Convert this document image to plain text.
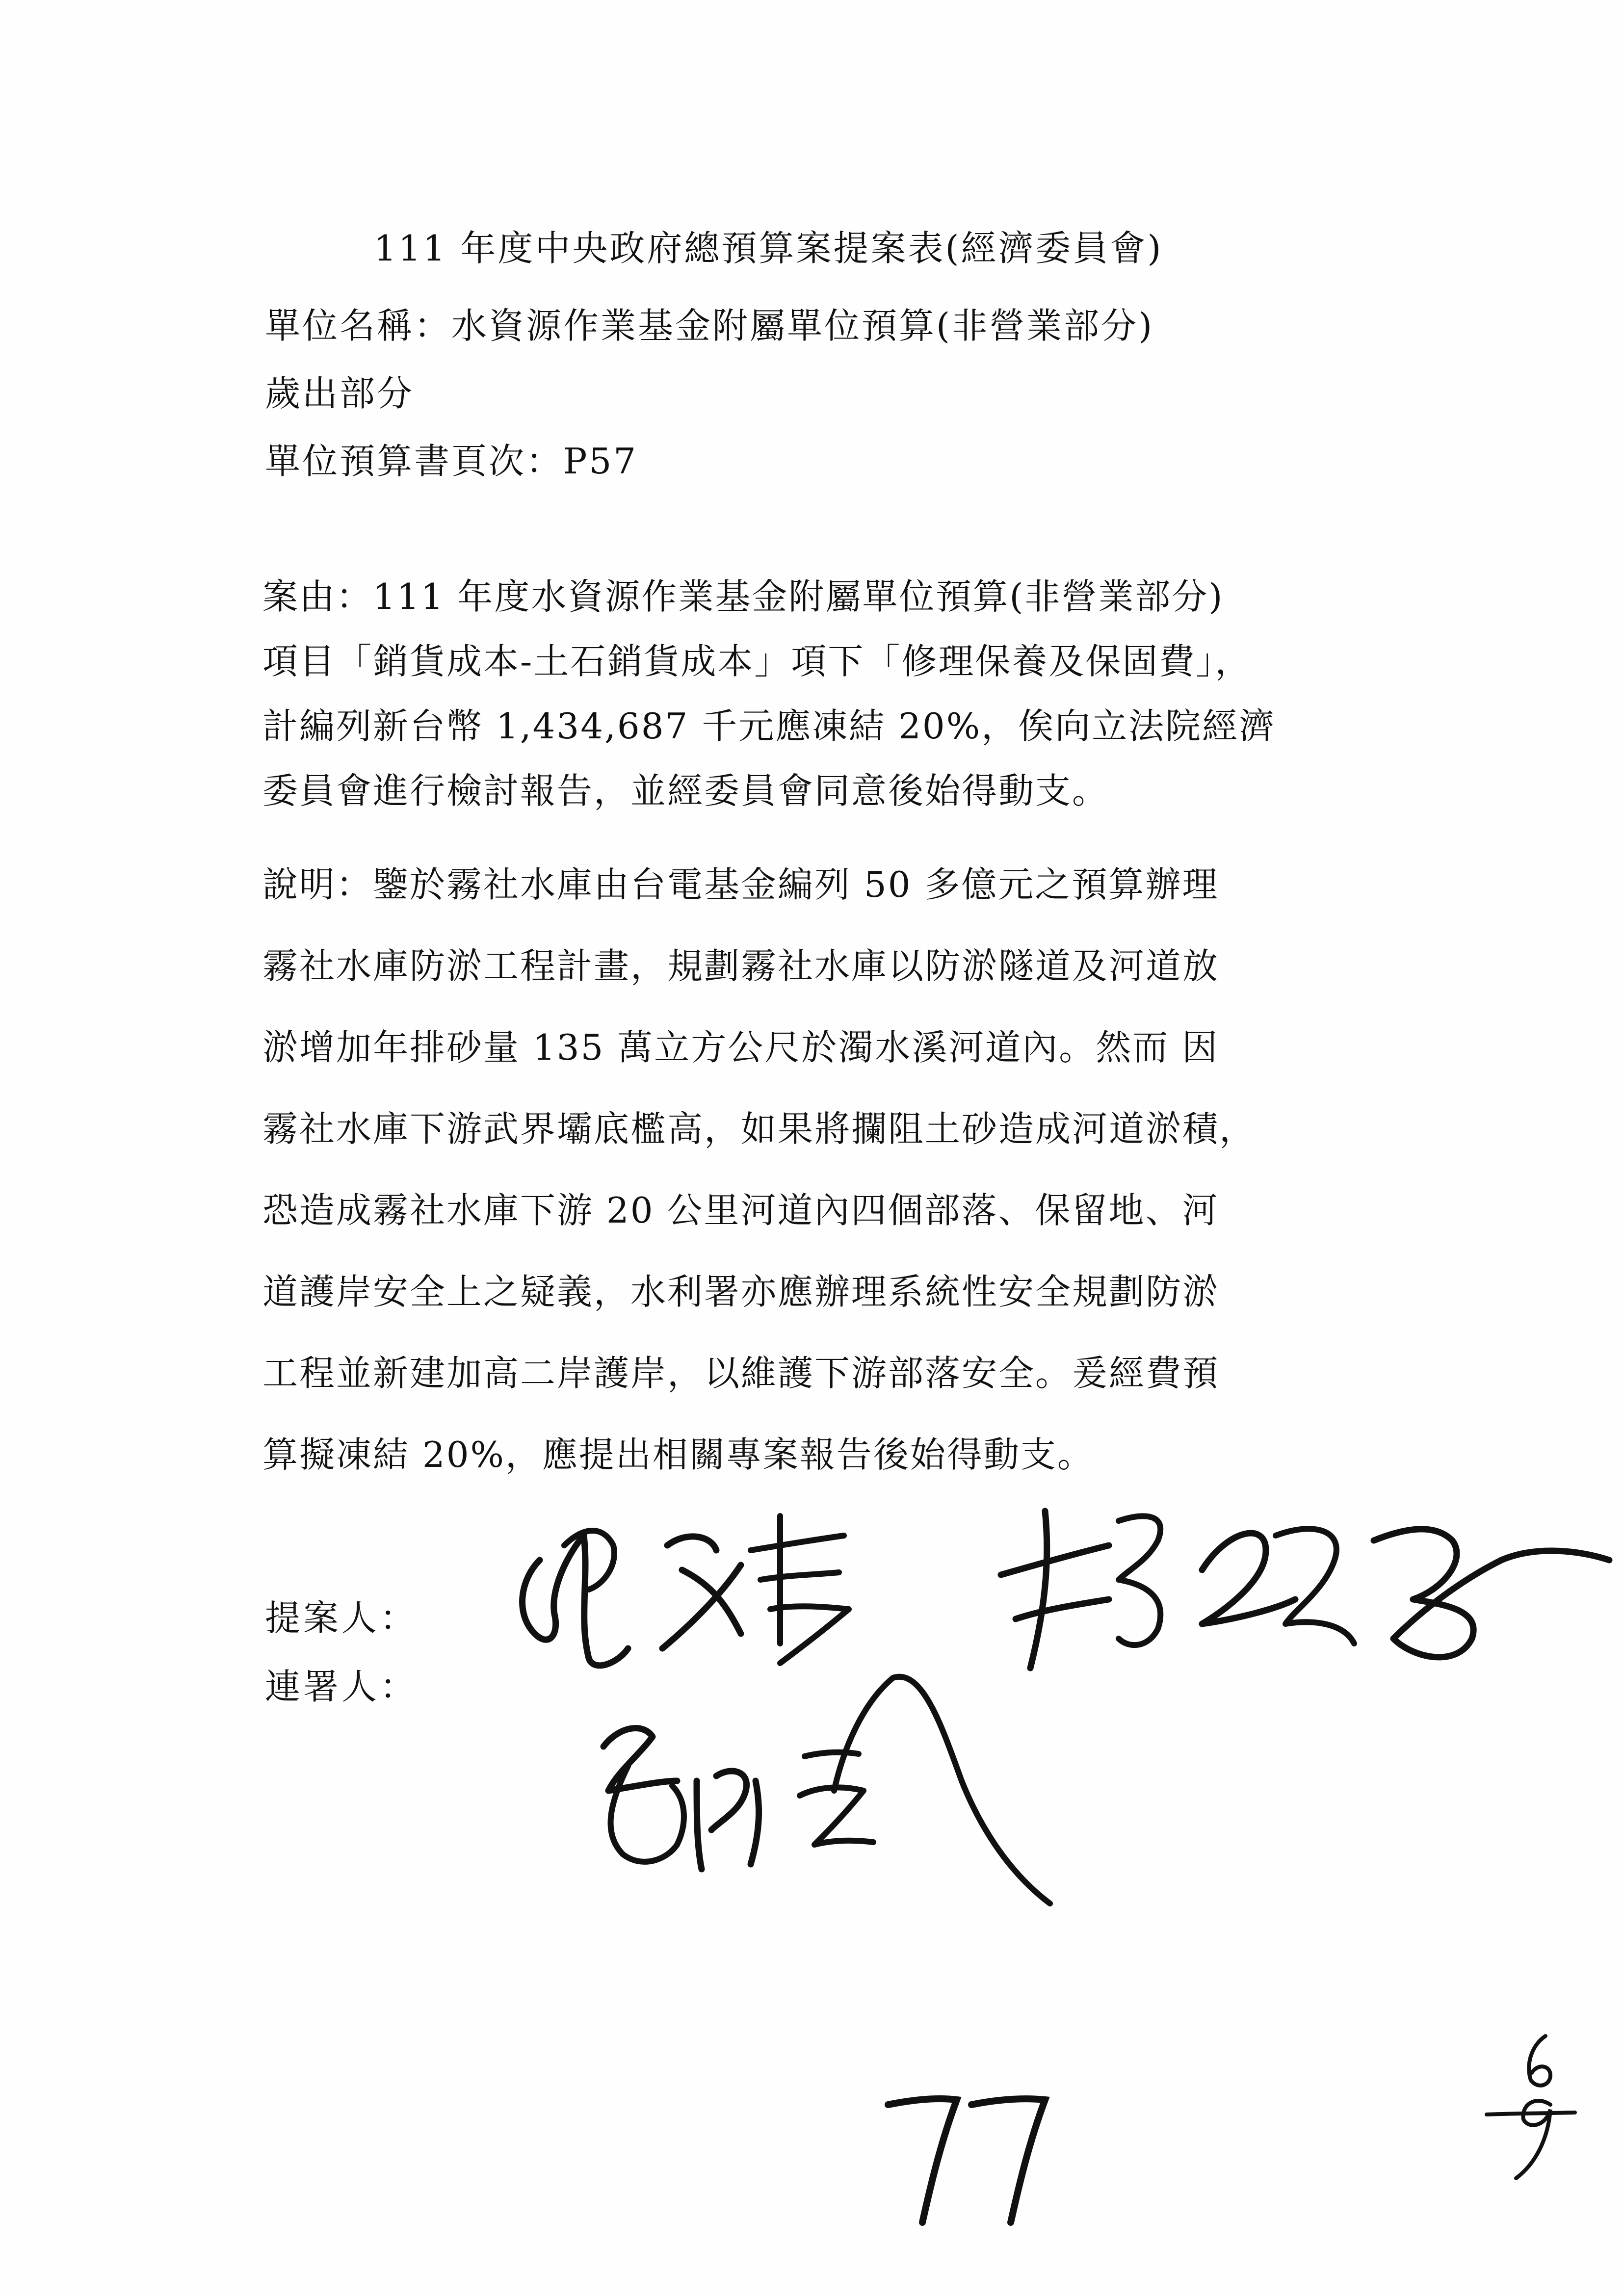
111 年度中央政府總預算案提案表(經濟委員會)
單位名稱：水資源作業基金附屬單位預算(非營業部分)
歲出部分
單位預算書頁次：P57
案由：111 年度水資源作業基金附屬單位預算(非營業部分)
項目「銷貨成本-土石銷貨成本」項下「修理保養及保固費」，
計編列新台幣 1,434,687 千元應凍結 20%，俟向立法院經濟
委員會進行檢討報告，並經委員會同意後始得動支。
說明：鑒於霧社水庫由台電基金編列 50 多億元之預算辦理
霧社水庫防淤工程計畫，規劃霧社水庫以防淤隧道及河道放
淤增加年排砂量 135 萬立方公尺於濁水溪河道內。然而 因
霧社水庫下游武界壩底檻高，如果將攔阻土砂造成河道淤積，
恐造成霧社水庫下游 20 公里河道內四個部落、保留地、河
道護岸安全上之疑義，水利署亦應辦理系統性安全規劃防淤
工程並新建加高二岸護岸，以維護下游部落安全。爰經費預
算擬凍結 20%，應提出相關專案報告後始得動支。
提案人：
連署人：
